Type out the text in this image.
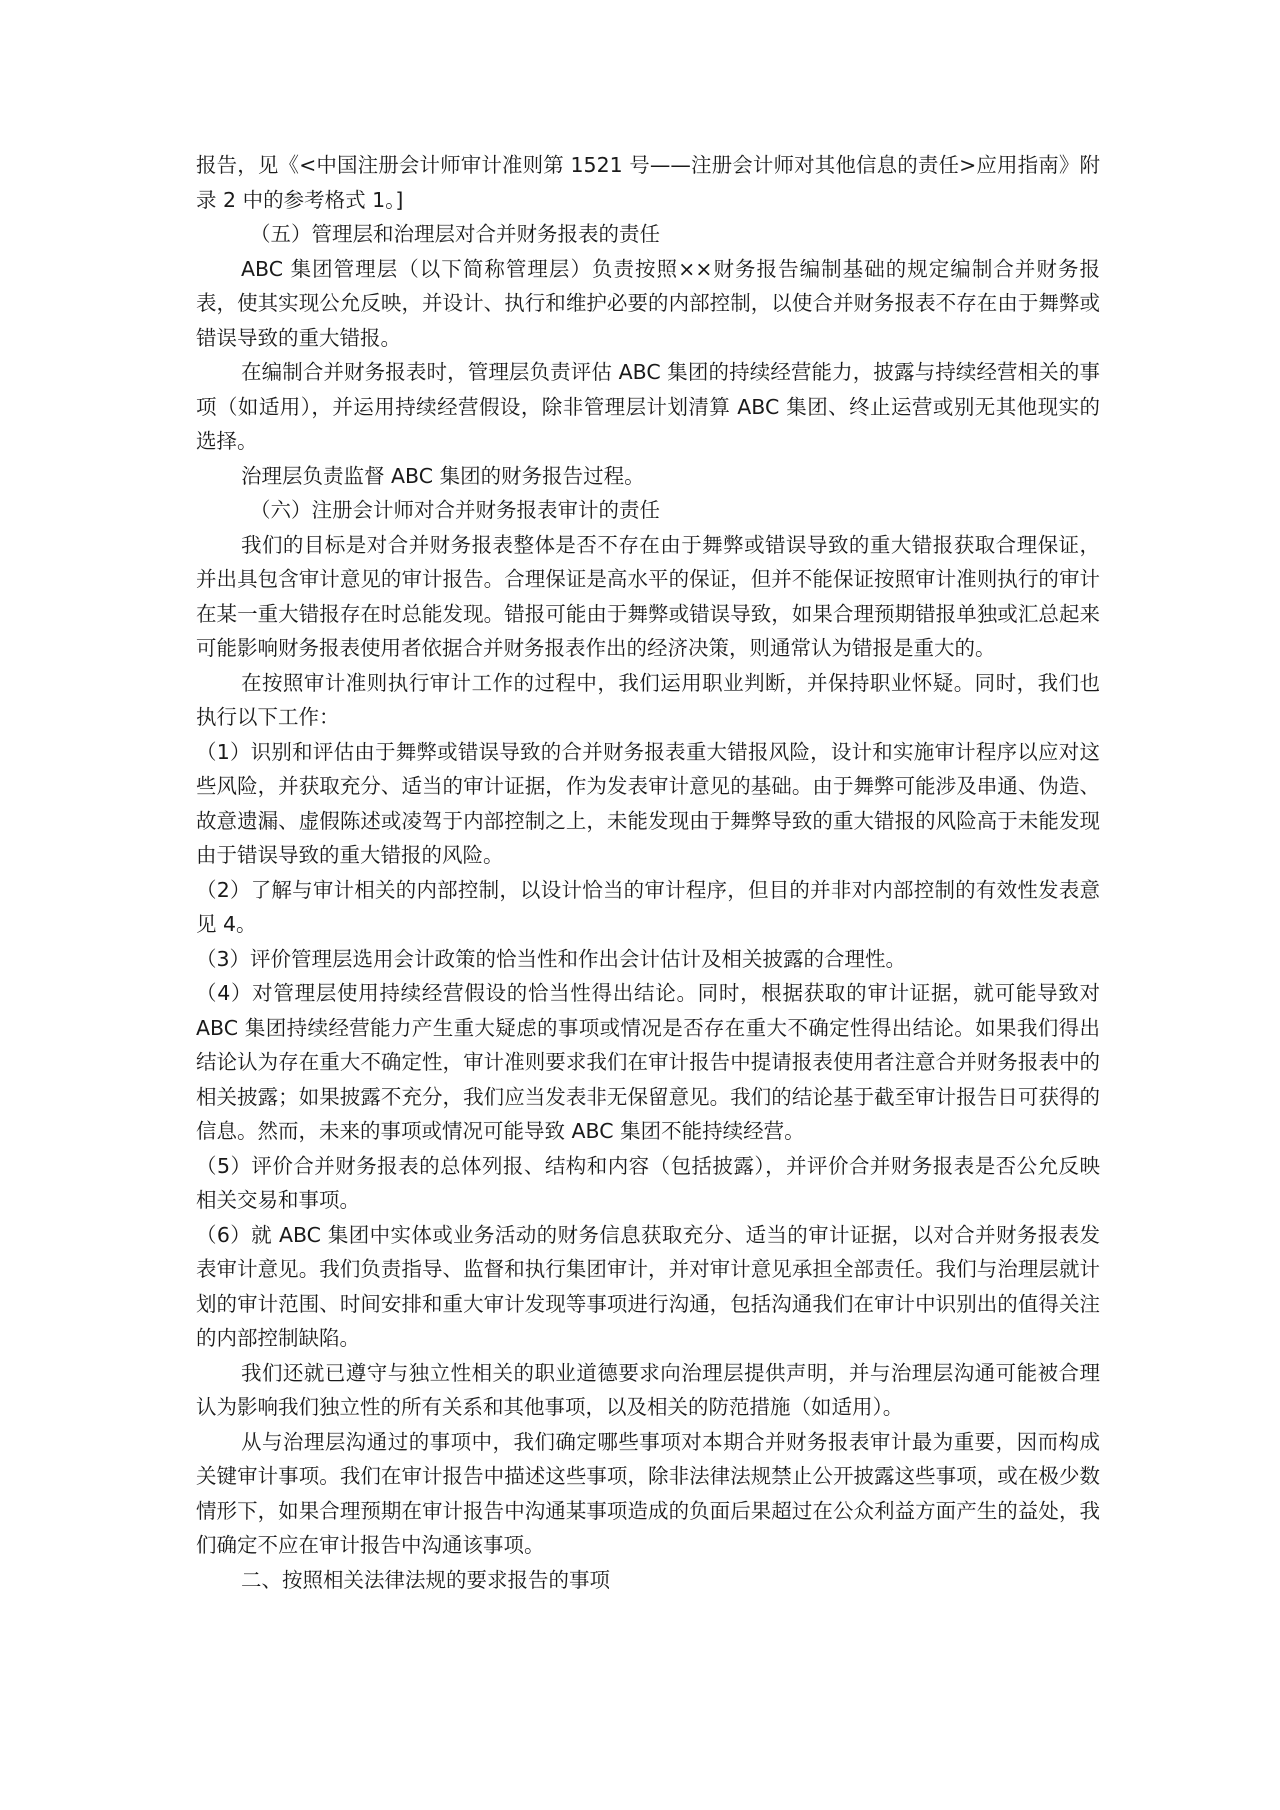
报告，见《<中国注册会计师审计准则第 1521 号——注册会计师对其他信息的责任>应用指南》附录 2 中的参考格式 1。]

（五）管理层和治理层对合并财务报表的责任

ABC 集团管理层（以下简称管理层）负责按照××财务报告编制基础的规定编制合并财务报表，使其实现公允反映，并设计、执行和维护必要的内部控制，以使合并财务报表不存在由于舞弊或错误导致的重大错报。

在编制合并财务报表时，管理层负责评估 ABC 集团的持续经营能力，披露与持续经营相关的事项（如适用），并运用持续经营假设，除非管理层计划清算 ABC 集团、终止运营或别无其他现实的选择。

治理层负责监督 ABC 集团的财务报告过程。

（六）注册会计师对合并财务报表审计的责任

我们的目标是对合并财务报表整体是否不存在由于舞弊或错误导致的重大错报获取合理保证，并出具包含审计意见的审计报告。合理保证是高水平的保证，但并不能保证按照审计准则执行的审计在某一重大错报存在时总能发现。错报可能由于舞弊或错误导致，如果合理预期错报单独或汇总起来可能影响财务报表使用者依据合并财务报表作出的经济决策，则通常认为错报是重大的。

在按照审计准则执行审计工作的过程中，我们运用职业判断，并保持职业怀疑。同时，我们也执行以下工作：

（1）识别和评估由于舞弊或错误导致的合并财务报表重大错报风险，设计和实施审计程序以应对这些风险，并获取充分、适当的审计证据，作为发表审计意见的基础。由于舞弊可能涉及串通、伪造、故意遗漏、虚假陈述或凌驾于内部控制之上，未能发现由于舞弊导致的重大错报的风险高于未能发现由于错误导致的重大错报的风险。

（2）了解与审计相关的内部控制，以设计恰当的审计程序，但目的并非对内部控制的有效性发表意见 4。

（3）评价管理层选用会计政策的恰当性和作出会计估计及相关披露的合理性。

（4）对管理层使用持续经营假设的恰当性得出结论。同时，根据获取的审计证据，就可能导致对 ABC 集团持续经营能力产生重大疑虑的事项或情况是否存在重大不确定性得出结论。如果我们得出结论认为存在重大不确定性，审计准则要求我们在审计报告中提请报表使用者注意合并财务报表中的相关披露；如果披露不充分，我们应当发表非无保留意见。我们的结论基于截至审计报告日可获得的信息。然而，未来的事项或情况可能导致 ABC 集团不能持续经营。

（5）评价合并财务报表的总体列报、结构和内容（包括披露），并评价合并财务报表是否公允反映相关交易和事项。

（6）就 ABC 集团中实体或业务活动的财务信息获取充分、适当的审计证据，以对合并财务报表发表审计意见。我们负责指导、监督和执行集团审计，并对审计意见承担全部责任。我们与治理层就计划的审计范围、时间安排和重大审计发现等事项进行沟通，包括沟通我们在审计中识别出的值得关注的内部控制缺陷。

我们还就已遵守与独立性相关的职业道德要求向治理层提供声明，并与治理层沟通可能被合理认为影响我们独立性的所有关系和其他事项，以及相关的防范措施（如适用）。

从与治理层沟通过的事项中，我们确定哪些事项对本期合并财务报表审计最为重要，因而构成关键审计事项。我们在审计报告中描述这些事项，除非法律法规禁止公开披露这些事项，或在极少数情形下，如果合理预期在审计报告中沟通某事项造成的负面后果超过在公众利益方面产生的益处，我们确定不应在审计报告中沟通该事项。

二、按照相关法律法规的要求报告的事项
